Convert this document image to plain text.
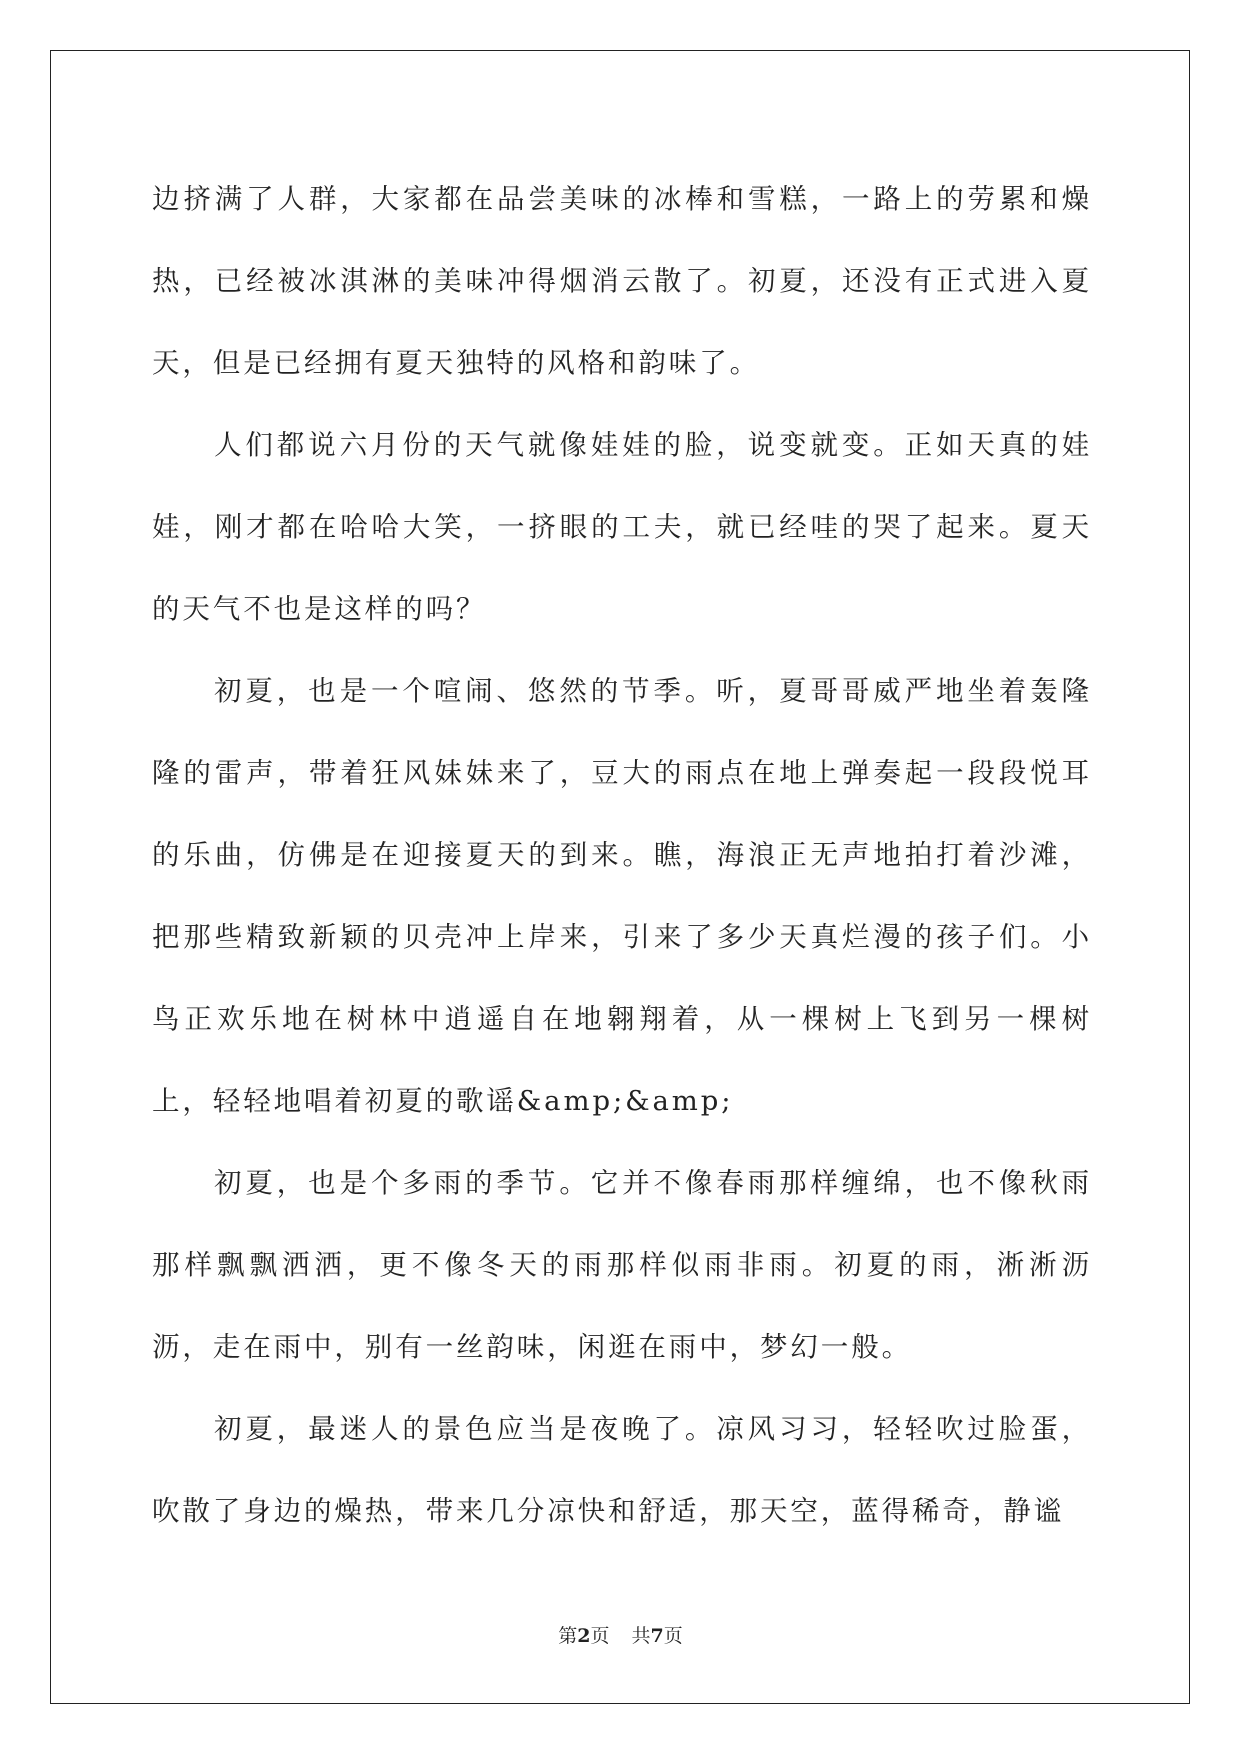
边挤满了人群，大家都在品尝美味的冰棒和雪糕，一路上的劳累和燥热，已经被冰淇淋的美味冲得烟消云散了。初夏，还没有正式进入夏天，但是已经拥有夏天独特的风格和韵味了。

人们都说六月份的天气就像娃娃的脸，说变就变。正如天真的娃娃，刚才都在哈哈大笑，一挤眼的工夫，就已经哇的哭了起来。夏天的天气不也是这样的吗？

初夏，也是一个喧闹、悠然的节季。听，夏哥哥威严地坐着轰隆隆的雷声，带着狂风妹妹来了，豆大的雨点在地上弹奏起一段段悦耳的乐曲，仿佛是在迎接夏天的到来。瞧，海浪正无声地拍打着沙滩，把那些精致新颖的贝壳冲上岸来，引来了多少天真烂漫的孩子们。小鸟正欢乐地在树林中逍遥自在地翱翔着，从一棵树上飞到另一棵树上，轻轻地唱着初夏的歌谣&amp;&amp;

初夏，也是个多雨的季节。它并不像春雨那样缠绵，也不像秋雨那样飘飘洒洒，更不像冬天的雨那样似雨非雨。初夏的雨，淅淅沥沥，走在雨中，别有一丝韵味，闲逛在雨中，梦幻一般。

初夏，最迷人的景色应当是夜晚了。凉风习习，轻轻吹过脸蛋，吹散了身边的燥热，带来几分凉快和舒适，那天空，蓝得稀奇，静谧

第2页 共7页
